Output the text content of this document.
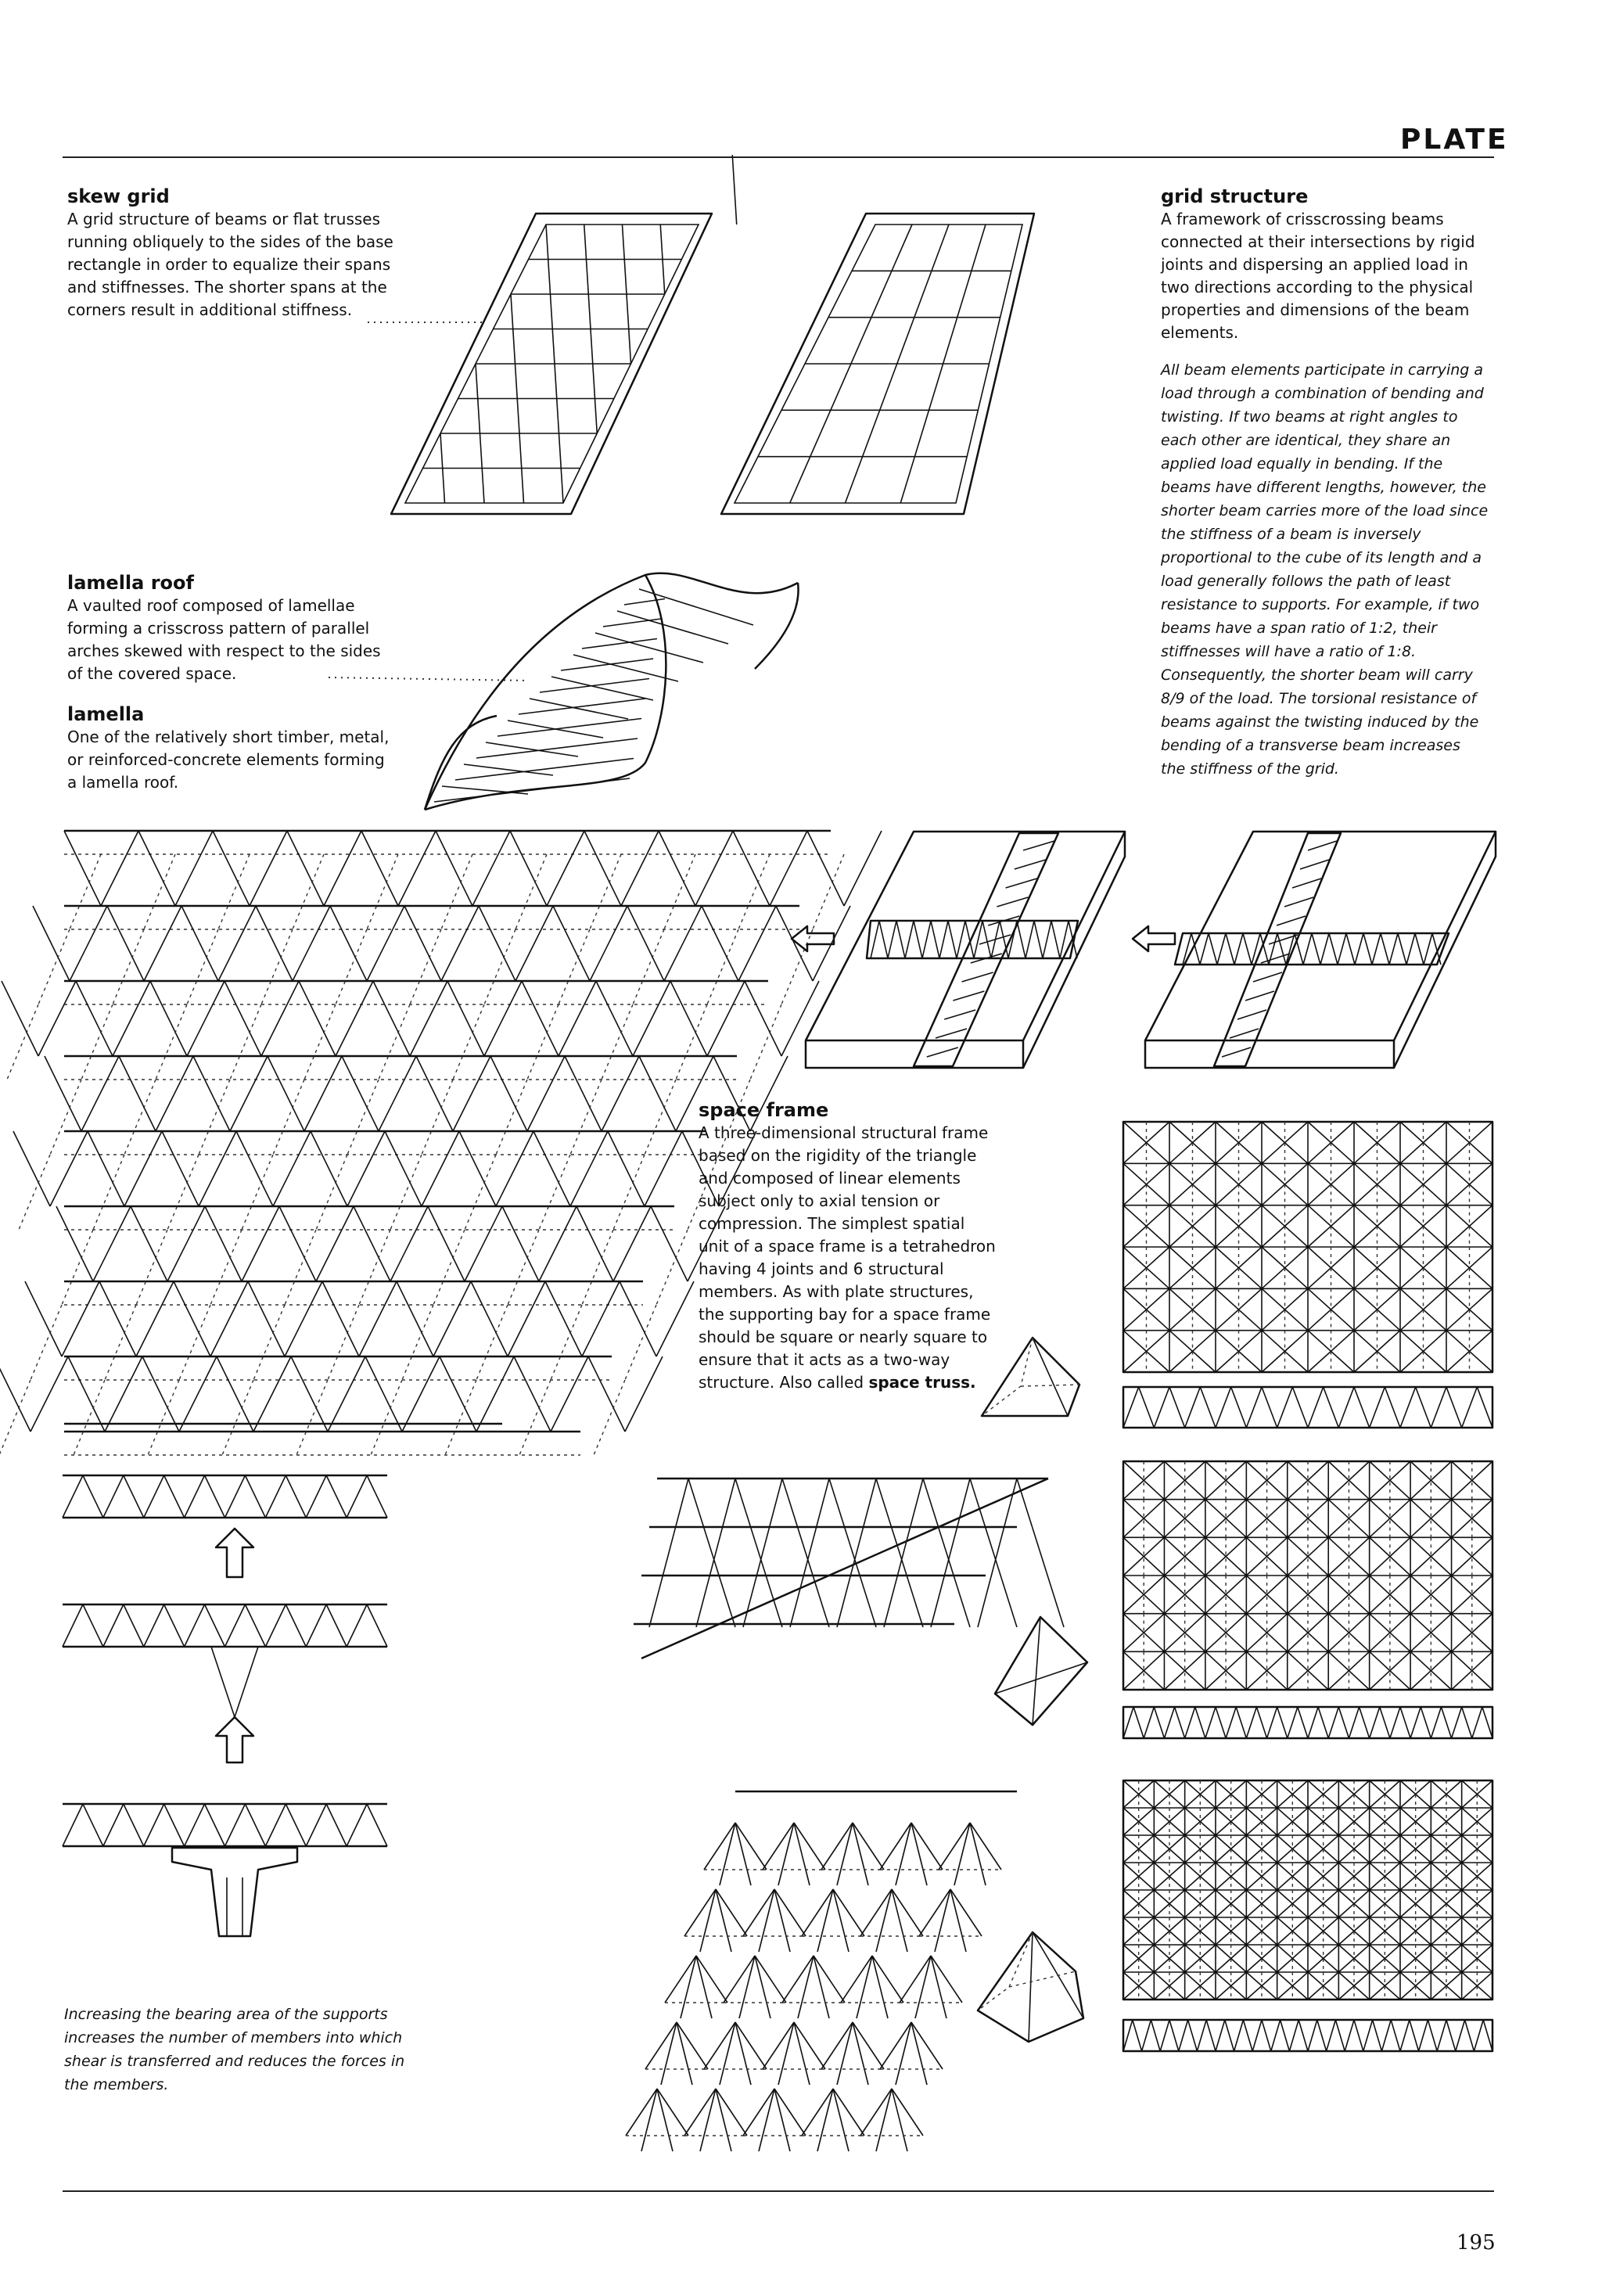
PLATE

skew grid

A grid structure of beams or flat trusses running obliquely to the sides of the base rectangle in order to equalize their spans and stiffnesses. The shorter spans at the corners result in additional stiffness.

grid structure

A framework of crisscrossing beams connected at their intersections by rigid joints and dispersing an applied load in two directions according to the physical properties and dimensions of the beam elements.

All beam elements participate in carrying a load through a combination of bending and twisting. If two beams at right angles to each other are identical, they share an applied load equally in bending. If the beams have different lengths, however, the shorter beam carries more of the load since the stiffness of a beam is inversely proportional to the cube of its length and a load generally follows the path of least resistance to supports. For example, if two beams have a span ratio of 1:2, their stiffnesses will have a ratio of 1:8. Consequently, the shorter beam will carry 8/9 of the load. The torsional resistance of beams against the twisting induced by the bending of a transverse beam increases the stiffness of the grid.

lamella roof

A vaulted roof composed of lamellae forming a crisscross pattern of parallel arches skewed with respect to the sides of the covered space.

lamella

One of the relatively short timber, metal, or reinforced-concrete elements forming a lamella roof.

space frame

A three-dimensional structural frame based on the rigidity of the triangle and composed of linear elements subject only to axial tension or compression. The simplest spatial unit of a space frame is a tetrahedron having 4 joints and 6 structural members. As with plate structures, the supporting bay for a space frame should be square or nearly square to ensure that it acts as a two-way structure. Also called space truss.

Increasing the bearing area of the supports increases the number of members into which shear is transferred and reduces the forces in the members.

195
